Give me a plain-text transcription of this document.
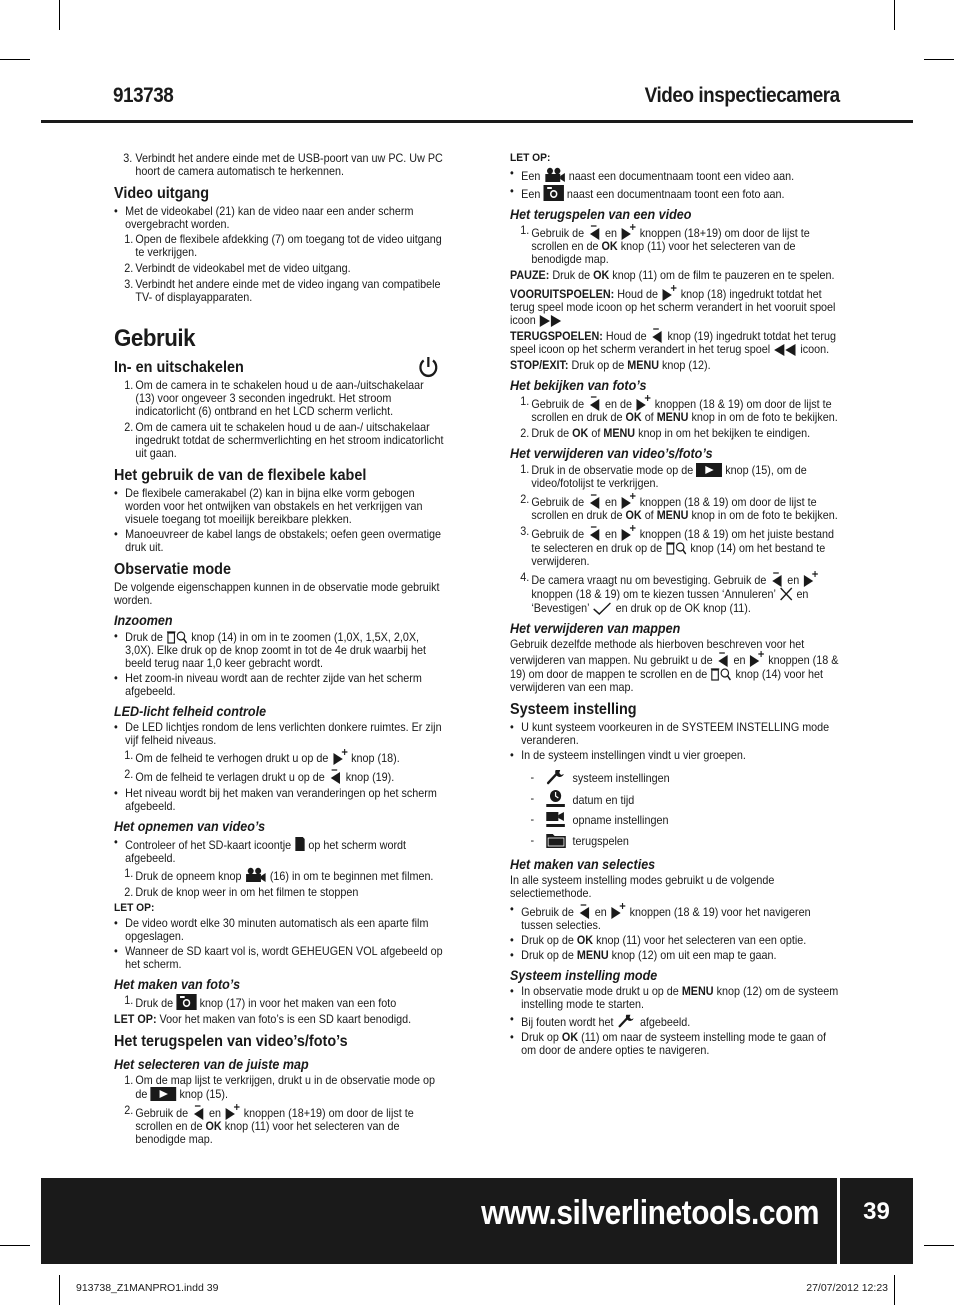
913738	Video inspectiecamera
3. Verbindt het andere einde met de USB-poort van uw PC. Uw PC hoort de camera automatisch te herkennen.
Video uitgang
• Met de videokabel (21) kan de video naar een ander scherm overgebracht worden.
1. Open de flexibele afdekking (7) om toegang tot de video uitgang te verkrijgen.
2. Verbindt de videokabel met de video uitgang.
3. Verbindt het andere einde met de video ingang van compatibele TV- of displayapparaten.
Gebruik
In- en uitschakelen
1. Om de camera in te schakelen houd u de aan-/uitschakelaar (13) voor ongeveer 3 seconden ingedrukt. Het stroom indicatorlicht (6) ontbrand en het LCD scherm verlicht.
2. Om de camera uit te schakelen houd u de aan-/ uitschakelaar ingedrukt totdat de schermverlichting en het stroom indicatorlicht uit gaan.
Het gebruik de van de flexibele kabel
• De flexibele camerakabel (2) kan in bijna elke vorm gebogen worden voor het ontwijken van obstakels en het verkrijgen van visuele toegang tot moeilijk bereikbare plekken.
• Manoeuvreer de kabel langs de obstakels; oefen geen overmatige druk uit.
Observatie mode

De volgende eigenschappen kunnen in de observatie mode gebruikt worden.

Inzoomen
• Druk de knop (14) in om in te zoomen (1,0X, 1,5X, 2,0X, 3,0X). Elke druk op de knop zoomt in tot de 4e druk waarbij het beeld terug naar 1,0 keer gebracht wordt.
• Het zoom-in niveau wordt aan de rechter zijde van het scherm afgebeeld.
LED-licht felheid controle
• De LED lichtjes rondom de lens verlichten donkere ruimtes. Er zijn vijf felheid niveaus.
1. Om de felheid te verhogen drukt u op de knop (18).
2. Om de felheid te verlagen drukt u op de knop (19).
• Het niveau wordt bij het maken van veranderingen op het scherm afgebeeld.
Het opnemen van video’s
• Controleer of het SD-kaart icoontje op het scherm wordt afgebeeld.
1. Druk de opneem knop (16) in om te beginnen met filmen.
2. Druk de knop weer in om het filmen te stoppen
LET OP:
• De video wordt elke 30 minuten automatisch als een aparte film opgeslagen.
• Wanneer de SD kaart vol is, wordt GEHEUGEN VOL afgebeeld op het scherm.
Het maken van foto’s
1. Druk de knop (17) in voor het maken van een foto

LET OP: Voor het maken van foto’s is een SD kaart benodigd.

Het terugspelen van video’s/foto’s
Het selecteren van de juiste map
1. Om de map lijst te verkrijgen, drukt u in de observatie mode op de	knop (15).
2. Gebruik de en knoppen (18+19) om door de lijst te scrollen en de OK knop (11) voor het selecteren van de benodigde map.
LET OP:
• Een naast een documentnaam toont een video aan.
• Een naast een documentnaam toont een foto aan.
Het terugspelen van een video
1. Gebruik de en knoppen (18+19) om door de lijst te scrollen en de OK knop (11) voor het selecteren van de benodigde map.

PAUZE: Druk de OK knop (11) om de film te pauzeren en te spelen.

VOORUITSPOELEN: Houd de knop (18) ingedrukt totdat het terug speel mode icoon op het scherm verandert in het vooruit spoel icoon

TERUGSPOELEN: Houd de knop (19) ingedrukt totdat het terug speel icoon op het scherm verandert in het terug spoel	icoon.

STOP/EXIT: Druk op de MENU knop (12).

Het bekijken van foto’s
1. Gebruik de en de knoppen (18 & 19) om door de lijst te scrollen en druk de OK of MENU knop in om de foto te bekijken.
2. Druk de OK of MENU knop in om het bekijken te eindigen.
Het verwijderen van video’s/foto’s
1. Druk in de observatie mode op de	knop (15), om de video/fotolijst te verkrijgen.
2. Gebruik de en knoppen (18 & 19) om door de lijst te scrollen en druk de OK of MENU knop in om de foto te bekijken.
3. Gebruik de en knoppen (18 & 19) om het juiste bestand te selecteren en druk op de knop (14) om het bestand te verwijderen.
4. De camera vraagt nu om bevestiging. Gebruik de en  knoppen (18 & 19) om te kiezen tussen ‘Annuleren’ en ‘Bevestigen’ en druk op de OK knop (11).
Het verwijderen van mappen

Gebruik dezelfde methode als hierboven beschreven voor het verwijderen van mappen. Nu gebruikt u de en knoppen (18 & 19) om door de mappen te scrollen en de knop (14) voor het verwijderen van een map.

Systeem instelling
• U kunt systeem voorkeuren in de SYSTEEM INSTELLING mode veranderen.
• In de systeem instellingen vindt u vier groepen.
-	systeem instellingen
-	datum en tijd
-	opname instellingen
-	terugspelen
Het maken van selecties

In alle systeem instelling modes gebruikt u de volgende selectiemethode.

• Gebruik de en knoppen (18 & 19) voor het navigeren tussen selecties.
• Druk op de OK knop (11) voor het selecteren van een optie.
• Druk op de MENU knop (12) om uit een map te gaan.
Systeem instelling mode
• In observatie mode drukt u op de MENU knop (12) om de systeem instelling mode te starten.
• Bij fouten wordt het afgebeeld.
• Druk op OK (11) om naar de systeem instelling mode te gaan of om door de andere opties te navigeren.
www.silverlinetools.com	39
913738_Z1MANPRO1.indd 39	27/07/2012 12:23
